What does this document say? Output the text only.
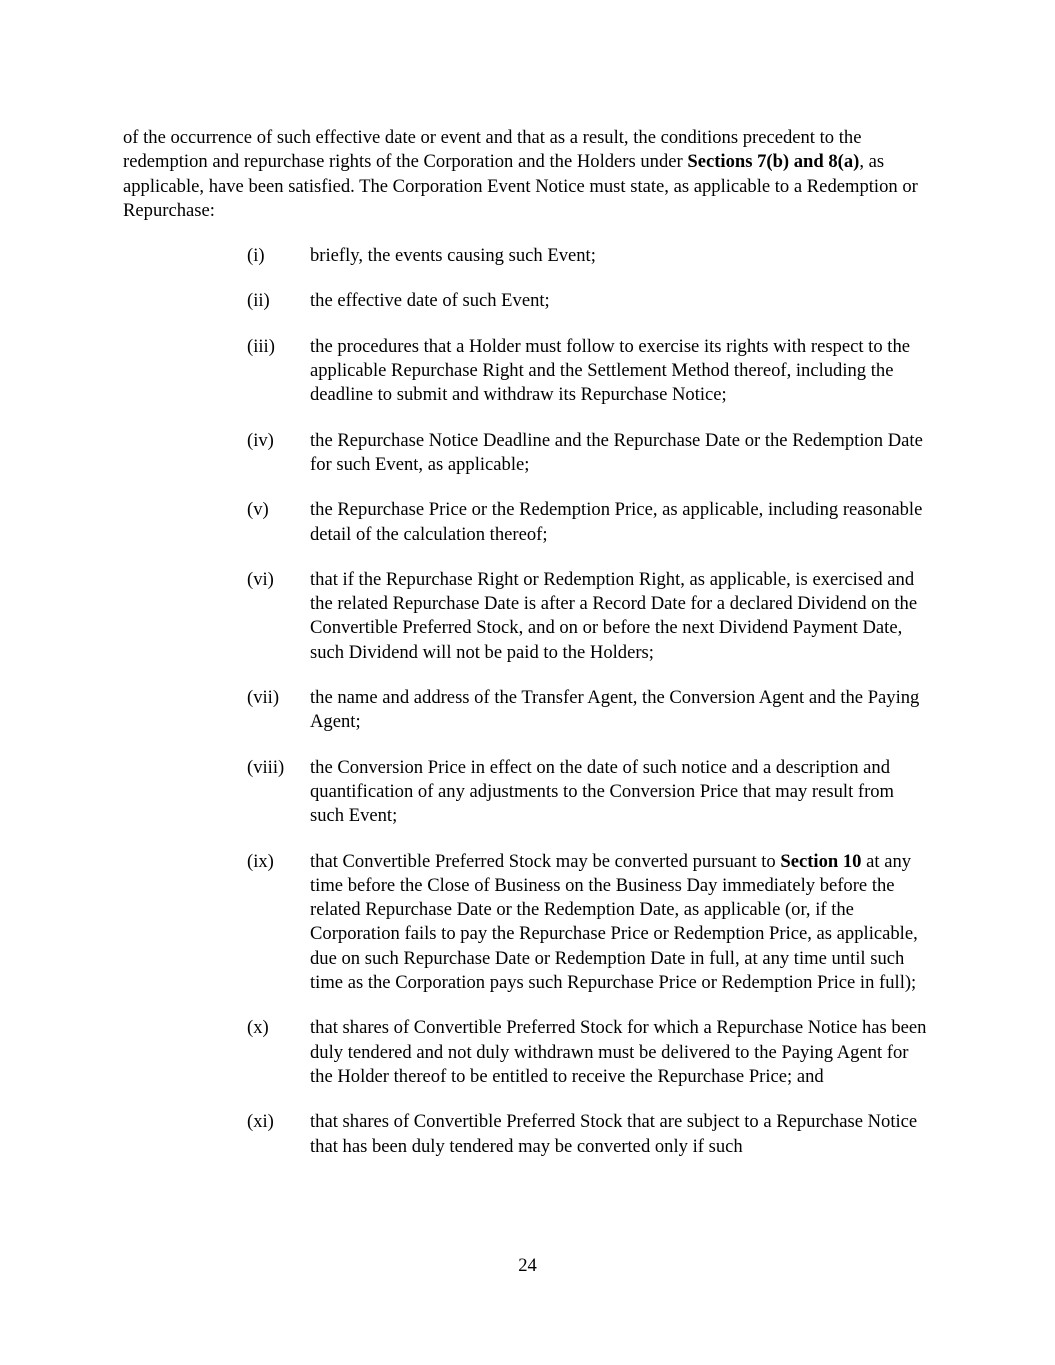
of the occurrence of such effective date or event and that as a result, the conditions precedent to the redemption and repurchase rights of the Corporation and the Holders under Sections 7(b) and 8(a), as applicable, have been satisfied. The Corporation Event Notice must state, as applicable to a Redemption or Repurchase:

(i)	briefly, the events causing such Event;
(ii)	the effective date of such Event;
(iii)	the procedures that a Holder must follow to exercise its rights with respect to the applicable Repurchase Right and the Settlement Method thereof, including the deadline to submit and withdraw its Repurchase Notice;
(iv)	the Repurchase Notice Deadline and the Repurchase Date or the Redemption Date for such Event, as applicable;
(v)	the Repurchase Price or the Redemption Price, as applicable, including reasonable detail of the calculation thereof;
(vi)	that if the Repurchase Right or Redemption Right, as applicable, is exercised and the related Repurchase Date is after a Record Date for a declared Dividend on the Convertible Preferred Stock, and on or before the next Dividend Payment Date, such Dividend will not be paid to the Holders;
(vii)	the name and address of the Transfer Agent, the Conversion Agent and the Paying Agent;
(viii)	the Conversion Price in effect on the date of such notice and a description and quantification of any adjustments to the Conversion Price that may result from such Event;
(ix)	that Convertible Preferred Stock may be converted pursuant to Section 10 at any time before the Close of Business on the Business Day immediately before the related Repurchase Date or the Redemption Date, as applicable (or, if the Corporation fails to pay the Repurchase Price or Redemption Price, as applicable, due on such Repurchase Date or Redemption Date in full, at any time until such time as the Corporation pays such Repurchase Price or Redemption Price in full);
(x)	that shares of Convertible Preferred Stock for which a Repurchase Notice has been duly tendered and not duly withdrawn must be delivered to the Paying Agent for the Holder thereof to be entitled to receive the Repurchase Price; and
(xi)	that shares of Convertible Preferred Stock that are subject to a Repurchase Notice that has been duly tendered may be converted only if such
24
